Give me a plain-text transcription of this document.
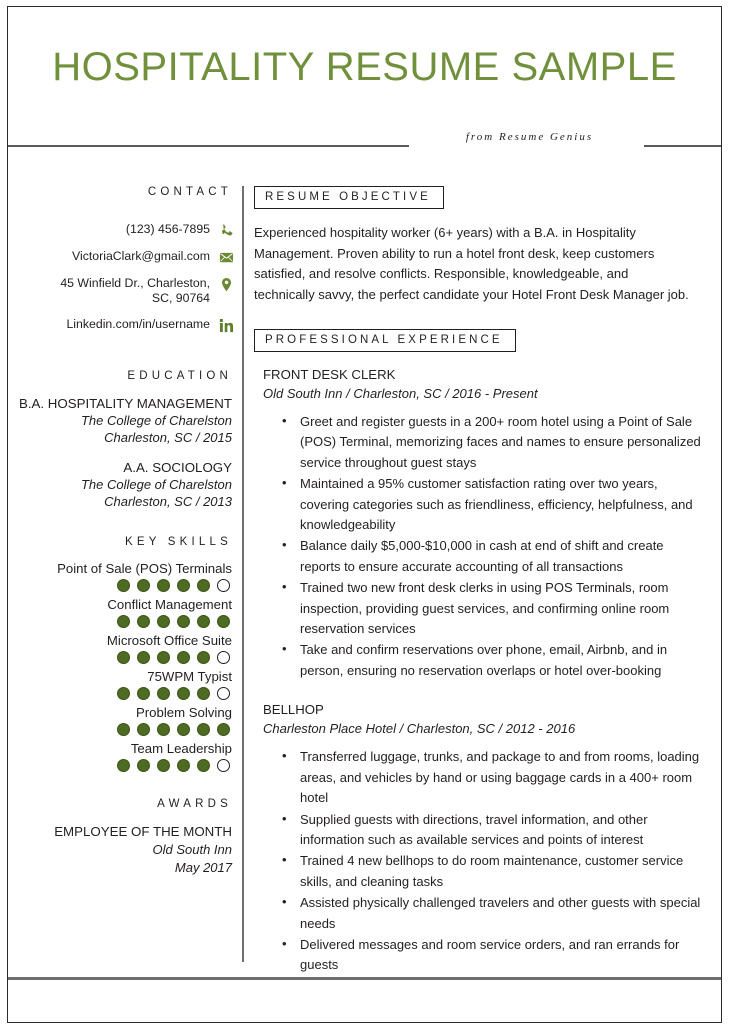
HOSPITALITY RESUME SAMPLE
from Resume Genius
CONTACT
(123) 456-7895
VictoriaClark@gmail.com
45 Winfield Dr., Charleston, SC, 90764
Linkedin.com/in/username
EDUCATION
B.A. HOSPITALITY MANAGEMENT
The College of Charelston
Charleston, SC / 2015
A.A. SOCIOLOGY
The College of Charelston
Charleston, SC / 2013
KEY SKILLS
Point of Sale (POS) Terminals
Conflict Management
Microsoft Office Suite
75WPM Typist
Problem Solving
Team Leadership
AWARDS
EMPLOYEE OF THE MONTH
Old South Inn
May 2017
RESUME OBJECTIVE
Experienced hospitality worker (6+ years) with a B.A. in Hospitality Management. Proven ability to run a hotel front desk, keep customers satisfied, and resolve conflicts. Responsible, knowledgeable, and technically savvy, the perfect candidate your Hotel Front Desk Manager job.
PROFESSIONAL EXPERIENCE
FRONT DESK CLERK
Old South Inn / Charleston, SC / 2016 - Present
• Greet and register guests in a 200+ room hotel using a Point of Sale (POS) Terminal, memorizing faces and names to ensure personalized service throughout guest stays
• Maintained a 95% customer satisfaction rating over two years, covering categories such as friendliness, efficiency, helpfulness, and knowledgeability
• Balance daily $5,000-$10,000 in cash at end of shift and create reports to ensure accurate accounting of all transactions
• Trained two new front desk clerks in using POS Terminals, room inspection, providing guest services, and confirming online room reservation services
• Take and confirm reservations over phone, email, Airbnb, and in person, ensuring no reservation overlaps or hotel over-booking
BELLHOP
Charleston Place Hotel / Charleston, SC / 2012 - 2016
• Transferred luggage, trunks, and package to and from rooms, loading areas, and vehicles by hand or using baggage cards in a 400+ room hotel
• Supplied guests with directions, travel information, and other information such as available services and points of interest
• Trained 4 new bellhops to do room maintenance, customer service skills, and cleaning tasks
• Assisted physically challenged travelers and other guests with special needs
• Delivered messages and room service orders, and ran errands for guests
